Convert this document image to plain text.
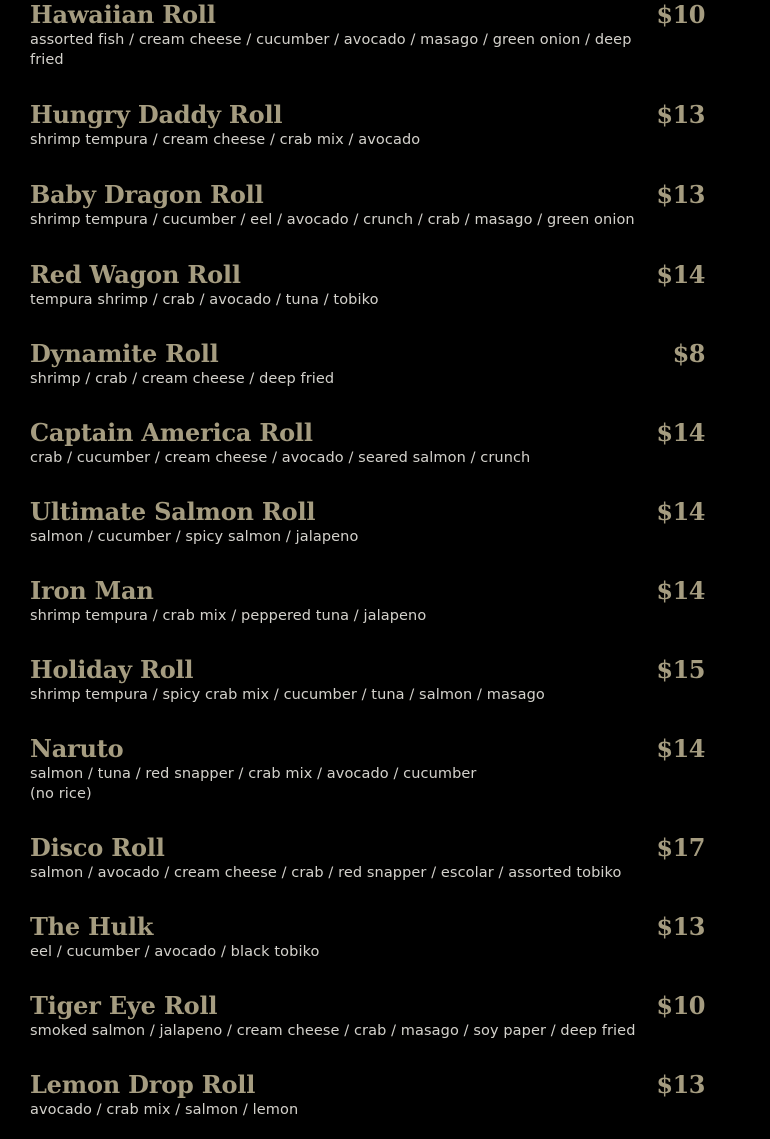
Hawaiian Roll	$10
assorted fish / cream cheese / cucumber / avocado / masago / green onion / deep
fried
Hungry Daddy Roll	$13
shrimp tempura / cream cheese / crab mix / avocado
Baby Dragon Roll	$13
shrimp tempura / cucumber / eel / avocado / crunch / crab / masago / green onion
Red Wagon Roll	$14
tempura shrimp / crab / avocado / tuna / tobiko
Dynamite Roll	$8
shrimp / crab / cream cheese / deep fried
Captain America Roll	$14
crab / cucumber / cream cheese / avocado / seared salmon / crunch
Ultimate Salmon Roll	$14
salmon / cucumber / spicy salmon / jalapeno
Iron Man	$14
shrimp tempura / crab mix / peppered tuna / jalapeno
Holiday Roll	$15
shrimp tempura / spicy crab mix / cucumber / tuna / salmon / masago
Naruto	$14
salmon / tuna / red snapper / crab mix / avocado / cucumber
(no rice)
Disco Roll	$17
salmon / avocado / cream cheese / crab / red snapper / escolar / assorted tobiko
The Hulk	$13
eel / cucumber / avocado / black tobiko
Tiger Eye Roll	$10
smoked salmon / jalapeno / cream cheese / crab / masago / soy paper / deep fried
Lemon Drop Roll	$13
avocado / crab mix / salmon / lemon
